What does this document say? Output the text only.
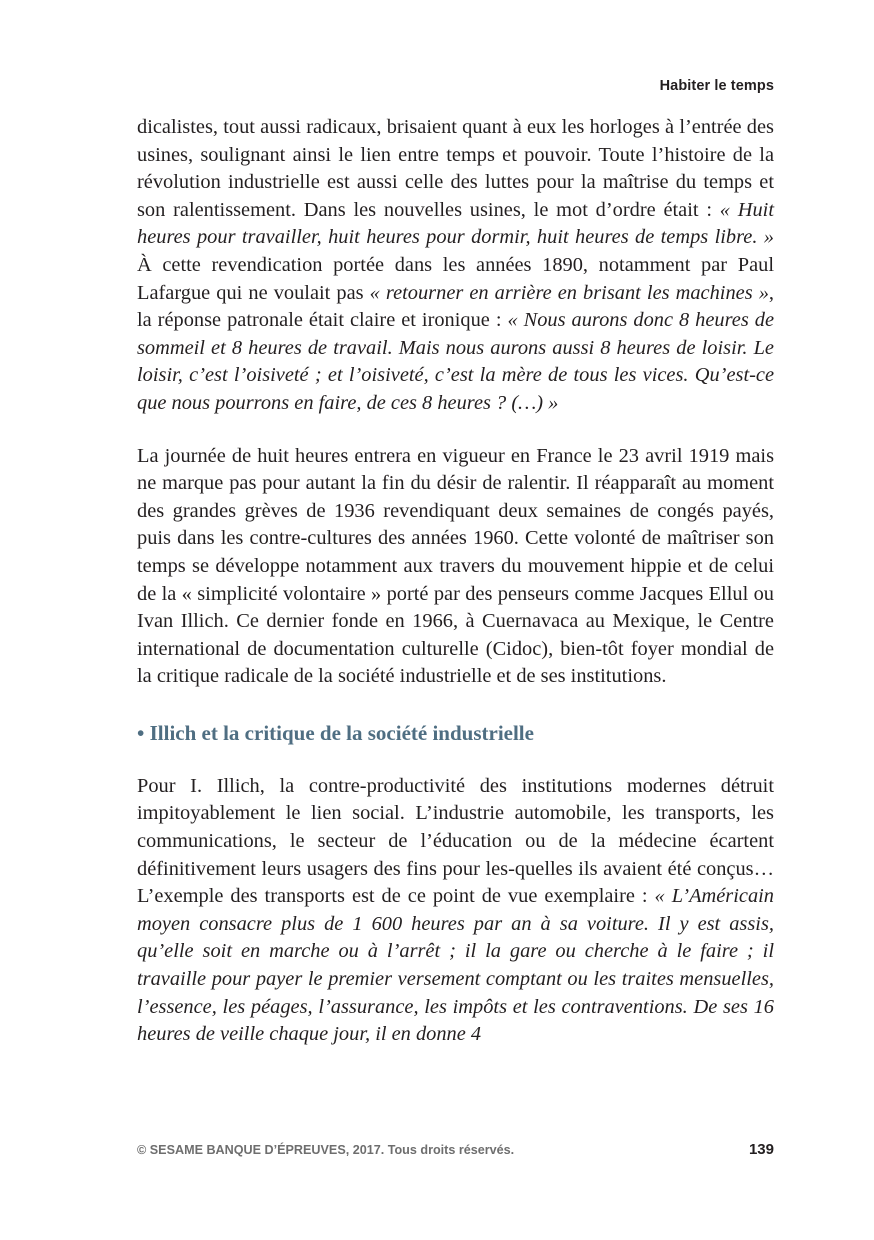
Habiter le temps

dicalistes, tout aussi radicaux, brisaient quant à eux les horloges à l’entrée des usines, soulignant ainsi le lien entre temps et pouvoir. Toute l’histoire de la révolution industrielle est aussi celle des luttes pour la maîtrise du temps et son ralentissement. Dans les nouvelles usines, le mot d’ordre était : « Huit heures pour travailler, huit heures pour dormir, huit heures de temps libre. » À cette revendication portée dans les années 1890, notamment par Paul Lafargue qui ne voulait pas « retourner en arrière en brisant les machines », la réponse patronale était claire et ironique : « Nous aurons donc 8 heures de sommeil et 8 heures de travail. Mais nous aurons aussi 8 heures de loisir. Le loisir, c’est l’oisiveté ; et l’oisiveté, c’est la mère de tous les vices. Qu’est-ce que nous pourrons en faire, de ces 8 heures ? (…) »

La journée de huit heures entrera en vigueur en France le 23 avril 1919 mais ne marque pas pour autant la fin du désir de ralentir. Il réapparaît au moment des grandes grèves de 1936 revendiquant deux semaines de congés payés, puis dans les contre-cultures des années 1960. Cette volonté de maîtriser son temps se développe notamment aux travers du mouvement hippie et de celui de la « simplicité volontaire » porté par des penseurs comme Jacques Ellul ou Ivan Illich. Ce dernier fonde en 1966, à Cuernavaca au Mexique, le Centre international de documentation culturelle (Cidoc), bien-tôt foyer mondial de la critique radicale de la société industrielle et de ses institutions.

• Illich et la critique de la société industrielle

Pour I. Illich, la contre-productivité des institutions modernes détruit impitoyablement le lien social. L’industrie automobile, les transports, les communications, le secteur de l’éducation ou de la médecine écartent définitivement leurs usagers des fins pour les-quelles ils avaient été conçus… L’exemple des transports est de ce point de vue exemplaire : « L’Américain moyen consacre plus de 1 600 heures par an à sa voiture. Il y est assis, qu’elle soit en marche ou à l’arrêt ; il la gare ou cherche à le faire ; il travaille pour payer le premier versement comptant ou les traites mensuelles, l’essence, les péages, l’assurance, les impôts et les contraventions. De ses 16 heures de veille chaque jour, il en donne 4

© SESAME BANQUE D’ÉPREUVES, 2017. Tous droits réservés.	139
